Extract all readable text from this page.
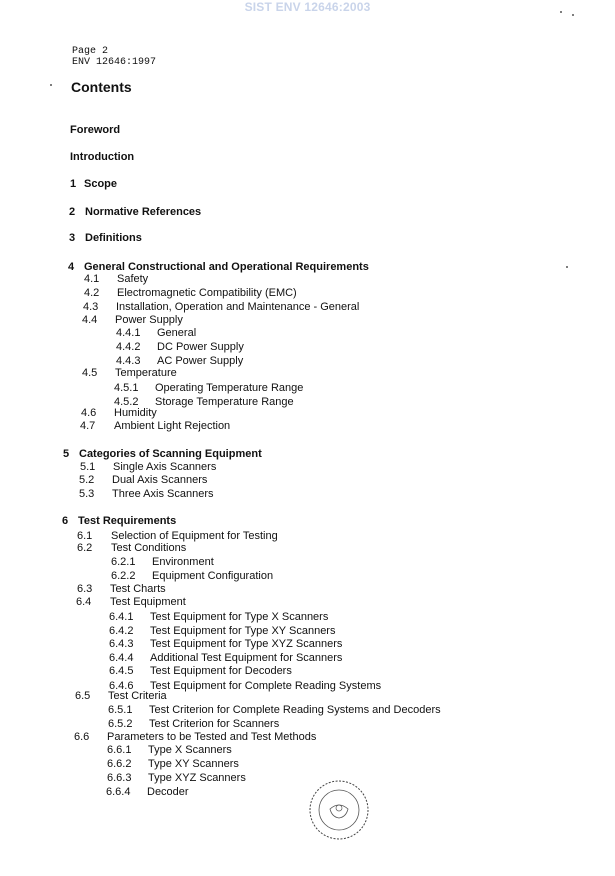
SIST ENV 12646:2003
Page 2
ENV 12646:1997
Contents
Foreword
Introduction
1 Scope
2 Normative References
3 Definitions
4 General Constructional and Operational Requirements
4.1 Safety
4.2 Electromagnetic Compatibility (EMC)
4.3 Installation, Operation and Maintenance - General
4.4 Power Supply
4.4.1 General
4.4.2 DC Power Supply
4.4.3 AC Power Supply
4.5 Temperature
4.5.1 Operating Temperature Range
4.5.2 Storage Temperature Range
4.6 Humidity
4.7 Ambient Light Rejection
5 Categories of Scanning Equipment
5.1 Single Axis Scanners
5.2 Dual Axis Scanners
5.3 Three Axis Scanners
6 Test Requirements
6.1 Selection of Equipment for Testing
6.2 Test Conditions
6.2.1 Environment
6.2.2 Equipment Configuration
6.3 Test Charts
6.4 Test Equipment
6.4.1 Test Equipment for Type X Scanners
6.4.2 Test Equipment for Type XY Scanners
6.4.3 Test Equipment for Type XYZ Scanners
6.4.4 Additional Test Equipment for Scanners
6.4.5 Test Equipment for Decoders
6.4.6 Test Equipment for Complete Reading Systems
6.5 Test Criteria
6.5.1 Test Criterion for Complete Reading Systems and Decoders
6.5.2 Test Criterion for Scanners
6.6 Parameters to be Tested and Test Methods
6.6.1 Type X Scanners
6.6.2 Type XY Scanners
6.6.3 Type XYZ Scanners
6.6.4 Decoder
